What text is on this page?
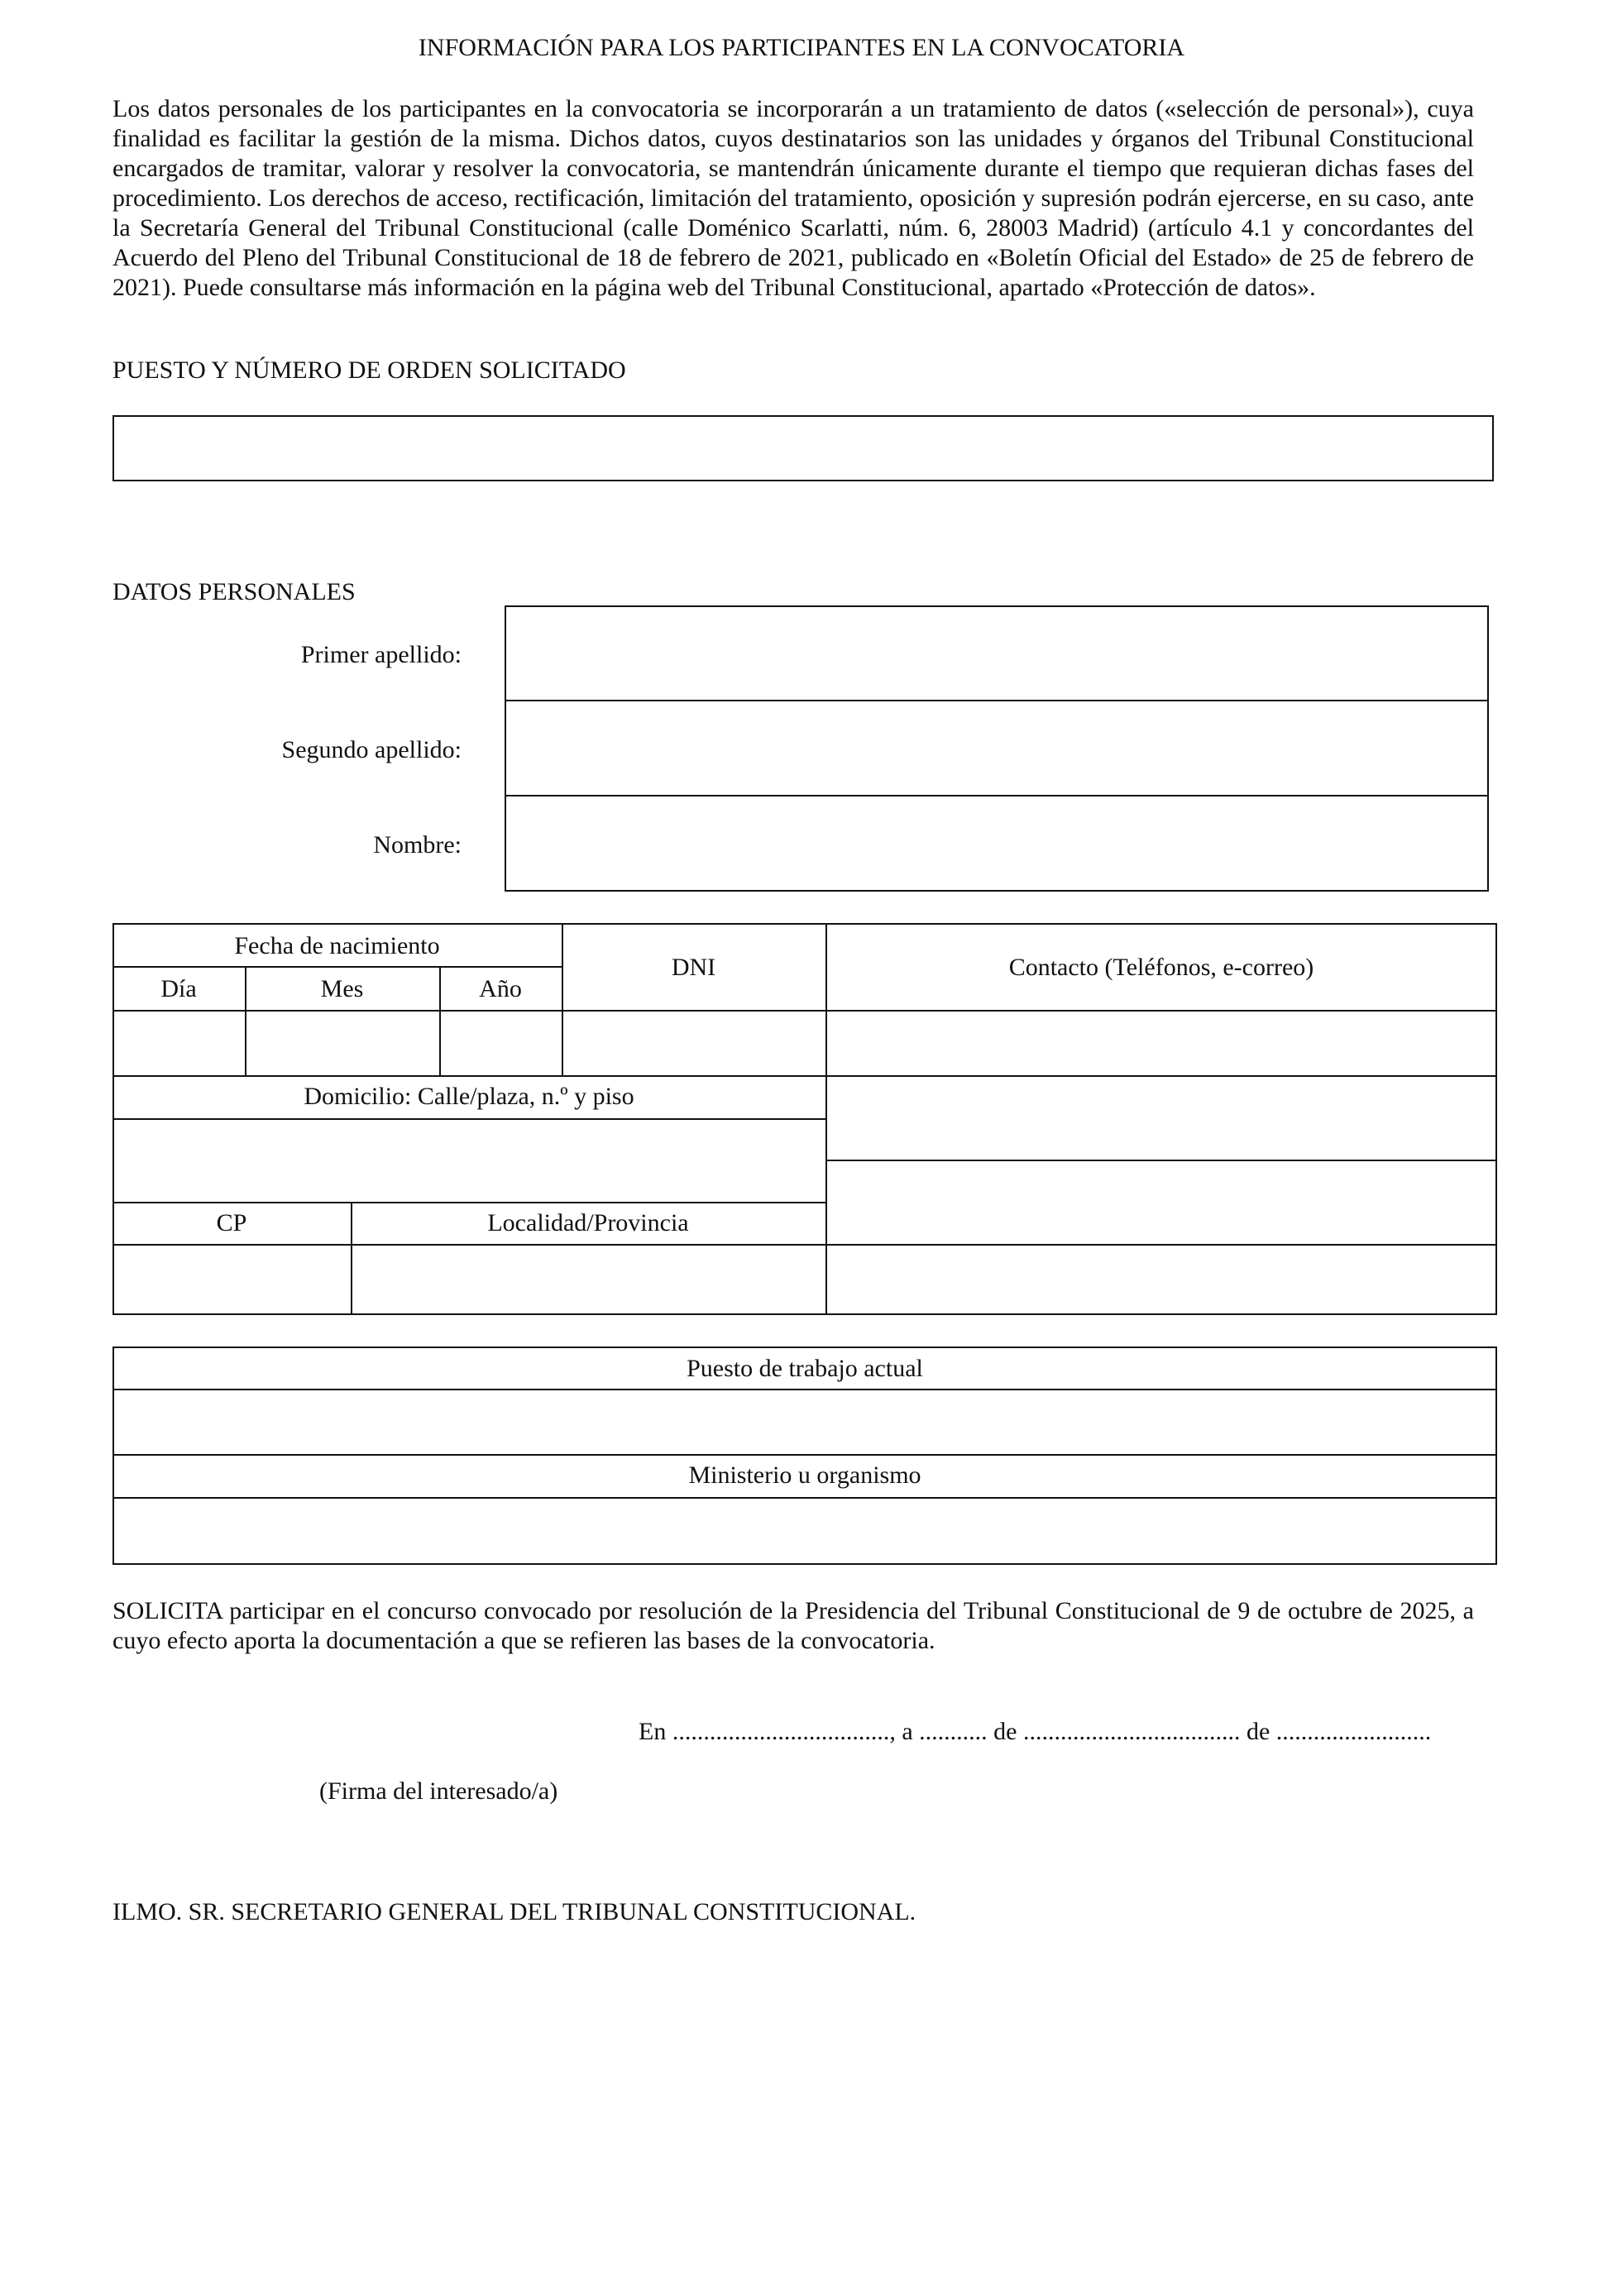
INFORMACIÓN PARA LOS PARTICIPANTES EN LA CONVOCATORIA
Los datos personales de los participantes en la convocatoria se incorporarán a un tratamiento de datos («selección de personal»), cuya finalidad es facilitar la gestión de la misma. Dichos datos, cuyos destinatarios son las unidades y órganos del Tribunal Constitucional encargados de tramitar, valorar y resolver la convocatoria, se mantendrán únicamente durante el tiempo que requieran dichas fases del procedimiento. Los derechos de acceso, rectificación, limitación del tratamiento, oposición y supresión podrán ejercerse, en su caso, ante la Secretaría General del Tribunal Constitucional (calle Doménico Scarlatti, núm. 6, 28003 Madrid) (artículo 4.1 y concordantes del Acuerdo del Pleno del Tribunal Constitucional de 18 de febrero de 2021, publicado en «Boletín Oficial del Estado» de 25 de febrero de 2021). Puede consultarse más información en la página web del Tribunal Constitucional, apartado «Protección de datos».
PUESTO Y NÚMERO DE ORDEN SOLICITADO
DATOS PERSONALES
Primer apellido:
Segundo apellido:
Nombre:
Fecha de nacimiento
Día	Mes	Año
DNI	Contacto (Teléfonos, e-correo)
Domicilio: Calle/plaza, n.º y piso
CP	Localidad/Provincia
Puesto de trabajo actual
Ministerio u organismo
SOLICITA participar en el concurso convocado por resolución de la Presidencia del Tribunal Constitucional de 9 de octubre de 2025, a cuyo efecto aporta la documentación a que se refieren las bases de la convocatoria.
En ..................................., a ........... de ................................... de .........................
(Firma del interesado/a)
ILMO. SR. SECRETARIO GENERAL DEL TRIBUNAL CONSTITUCIONAL.
